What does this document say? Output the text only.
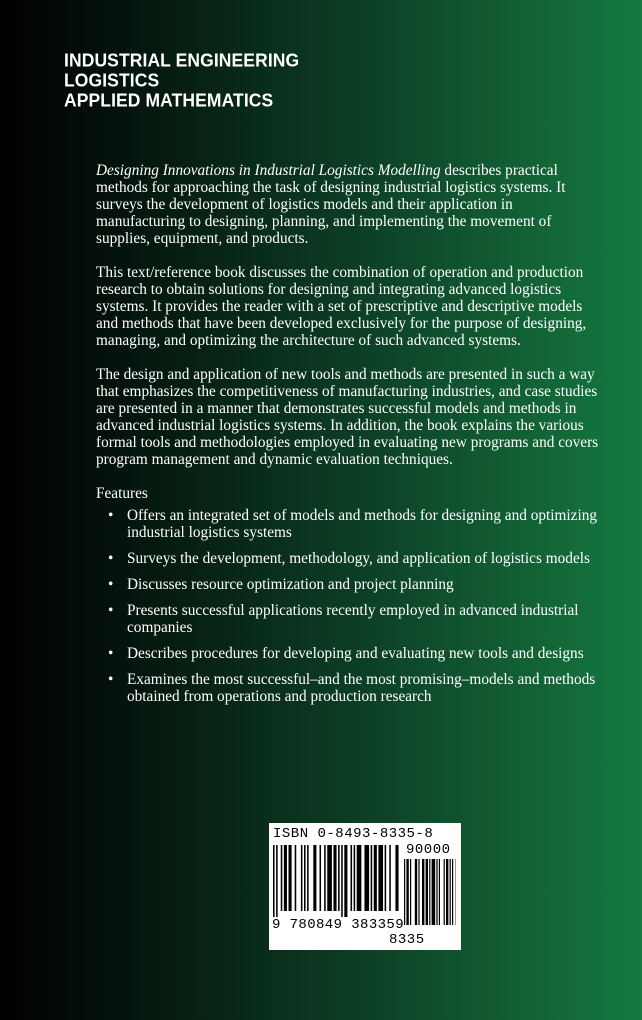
INDUSTRIAL ENGINEERING
LOGISTICS
APPLIED MATHEMATICS

Designing Innovations in Industrial Logistics Modelling describes practical methods for approaching the task of designing industrial logistics systems. It surveys the development of logistics models and their application in manufacturing to designing, planning, and implementing the movement of supplies, equipment, and products.

This text/reference book discusses the combination of operation and production research to obtain solutions for designing and integrating advanced logistics systems. It provides the reader with a set of prescriptive and descriptive models and methods that have been developed exclusively for the purpose of designing, managing, and optimizing the architecture of such advanced systems.

The design and application of new tools and methods are presented in such a way that emphasizes the competitiveness of manufacturing industries, and case studies are presented in a manner that demonstrates successful models and methods in advanced industrial logistics systems. In addition, the book explains the various formal tools and methodologies employed in evaluating new programs and covers program management and dynamic evaluation techniques.

Features
• Offers an integrated set of models and methods for designing and optimizing industrial logistics systems
• Surveys the development, methodology, and application of logistics models
• Discusses resource optimization and project planning
• Presents successful applications recently employed in advanced industrial companies
• Describes procedures for developing and evaluating new tools and designs
• Examines the most successful–and the most promising–models and methods obtained from operations and production research
ISBN 0-8493-8335-8
90000
9 780849 383359
8335
